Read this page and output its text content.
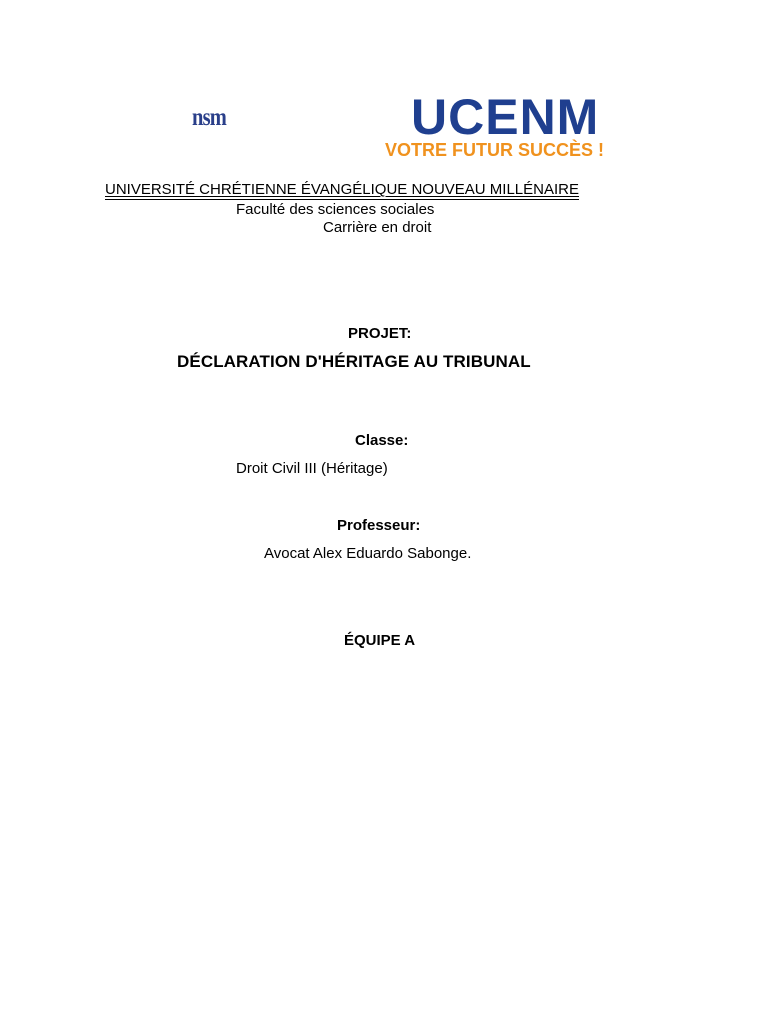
nsm	UCENM
VOTRE FUTUR SUCCÈS !
UNIVERSITÉ CHRÉTIENNE ÉVANGÉLIQUE NOUVEAU MILLÉNAIRE
Faculté des sciences sociales
Carrière en droit
PROJET:
DÉCLARATION D'HÉRITAGE AU TRIBUNAL
Classe:
Droit Civil III (Héritage)
Professeur:
Avocat Alex Eduardo Sabonge.
ÉQUIPE A
